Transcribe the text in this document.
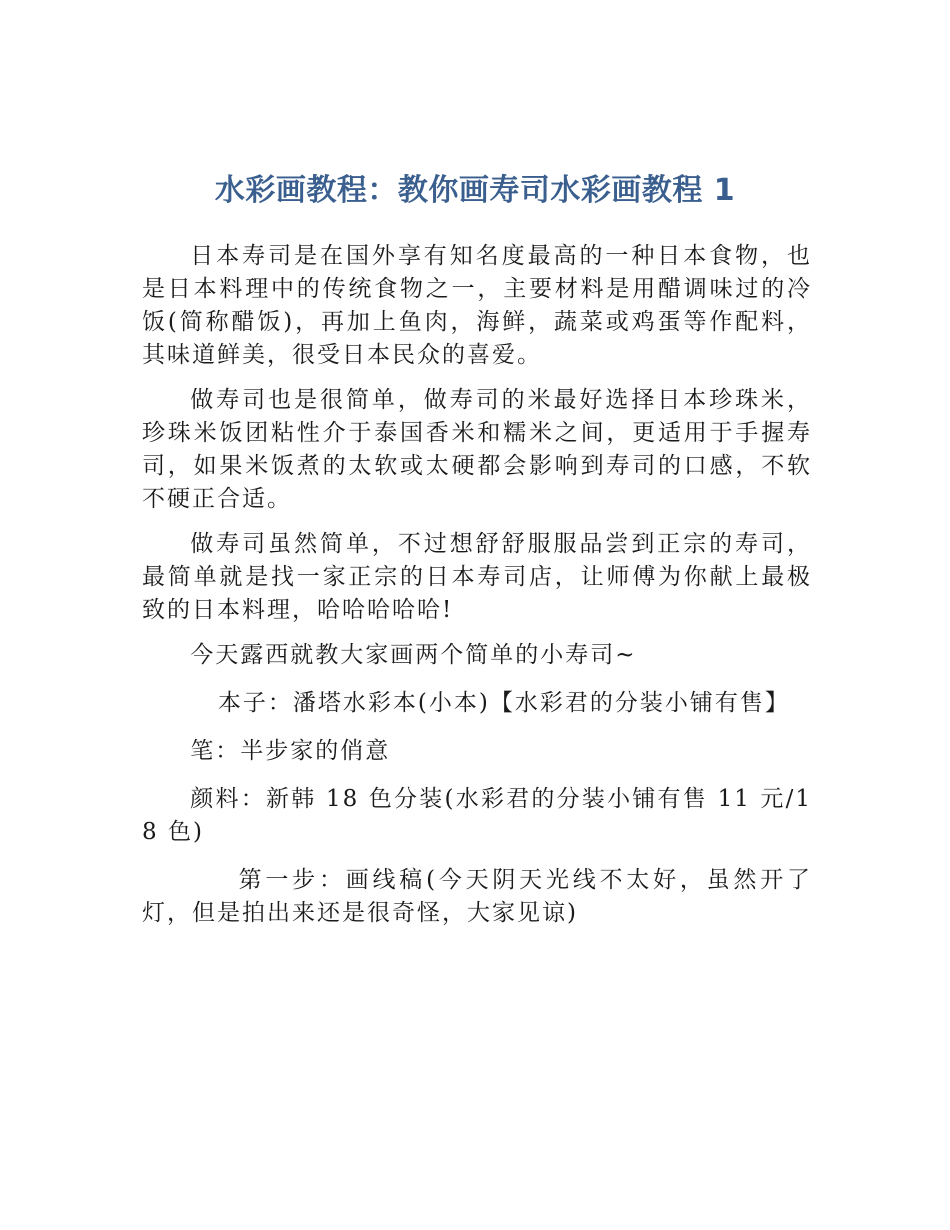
水彩画教程：教你画寿司水彩画教程 1

日本寿司是在国外享有知名度最高的一种日本食物，也是日本料理中的传统食物之一，主要材料是用醋调味过的冷饭(简称醋饭)，再加上鱼肉，海鲜，蔬菜或鸡蛋等作配料，其味道鲜美，很受日本民众的喜爱。

做寿司也是很简单，做寿司的米最好选择日本珍珠米，珍珠米饭团粘性介于泰国香米和糯米之间，更适用于手握寿司，如果米饭煮的太软或太硬都会影响到寿司的口感，不软不硬正合适。

做寿司虽然简单，不过想舒舒服服品尝到正宗的寿司，最简单就是找一家正宗的日本寿司店，让师傅为你献上最极致的日本料理，哈哈哈哈哈!

今天露西就教大家画两个简单的小寿司~

本子：潘塔水彩本(小本)【水彩君的分装小铺有售】

笔：半步家的俏意

颜料：新韩 18 色分装(水彩君的分装小铺有售 11 元/18 色)

第一步：画线稿(今天阴天光线不太好，虽然开了灯，但是拍出来还是很奇怪，大家见谅)
